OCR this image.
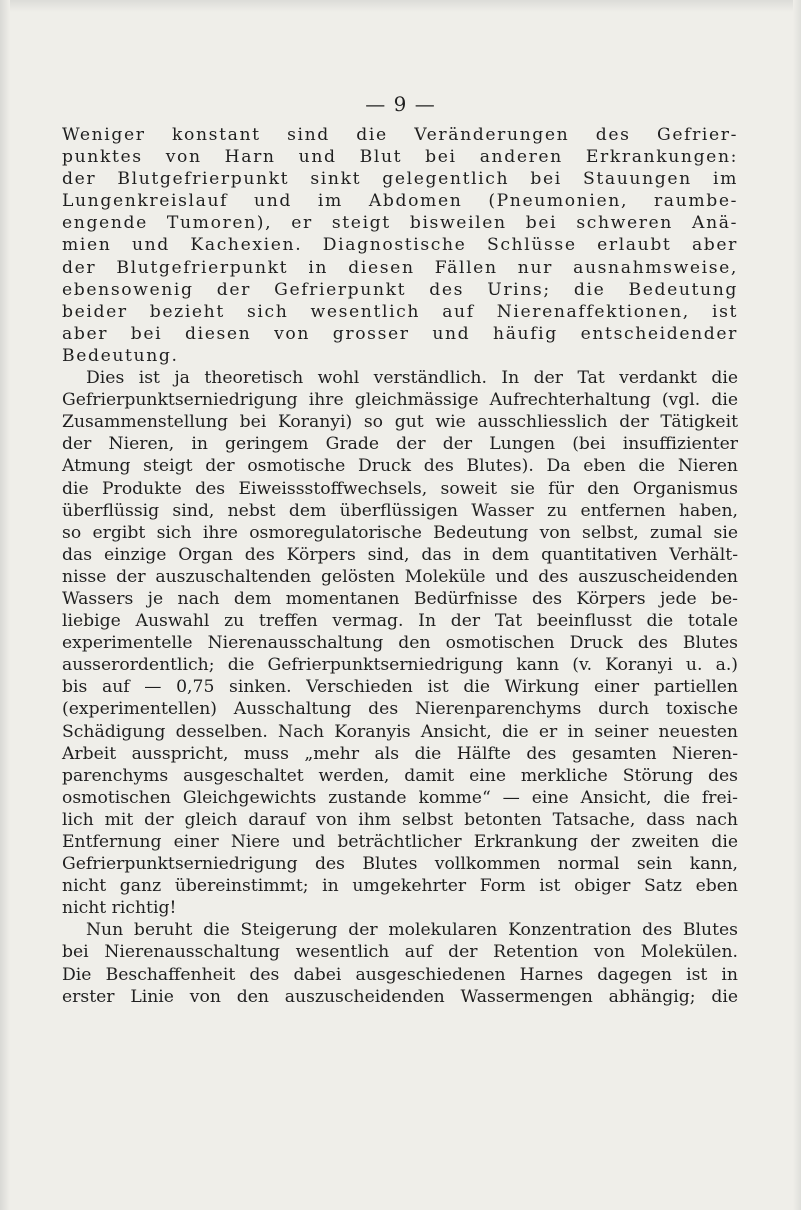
— 9 —
Weniger konstant sind die Veränderungen des Gefrier-
punktes von Harn und Blut bei anderen Erkrankungen:
der Blutgefrierpunkt sinkt gelegentlich bei Stauungen im
Lungenkreislauf und im Abdomen (Pneumonien, raumbe-
engende Tumoren), er steigt bisweilen bei schweren Anä-
mien und Kachexien. Diagnostische Schlüsse erlaubt aber
der Blutgefrierpunkt in diesen Fällen nur ausnahmsweise,
ebensowenig der Gefrierpunkt des Urins; die Bedeutung
beider bezieht sich wesentlich auf Nierenaffektionen, ist
aber bei diesen von grosser und häufig entscheidender
Bedeutung.
Dies ist ja theoretisch wohl verständlich. In der Tat verdankt die
Gefrierpunktserniedrigung ihre gleichmässige Aufrechterhaltung (vgl. die
Zusammenstellung bei Koranyi) so gut wie ausschliesslich der Tätigkeit
der Nieren, in geringem Grade der der Lungen (bei insuffizienter
Atmung steigt der osmotische Druck des Blutes). Da eben die Nieren
die Produkte des Eiweissstoffwechsels, soweit sie für den Organismus
überflüssig sind, nebst dem überflüssigen Wasser zu entfernen haben,
so ergibt sich ihre osmoregulatorische Bedeutung von selbst, zumal sie
das einzige Organ des Körpers sind, das in dem quantitativen Verhält-
nisse der auszuschaltenden gelösten Moleküle und des auszuscheidenden
Wassers je nach dem momentanen Bedürfnisse des Körpers jede be-
liebige Auswahl zu treffen vermag. In der Tat beeinflusst die totale
experimentelle Nierenausschaltung den osmotischen Druck des Blutes
ausserordentlich; die Gefrierpunktserniedrigung kann (v. Koranyi u. a.)
bis auf — 0,75 sinken. Verschieden ist die Wirkung einer partiellen
(experimentellen) Ausschaltung des Nierenparenchyms durch toxische
Schädigung desselben. Nach Koranyis Ansicht, die er in seiner neuesten
Arbeit ausspricht, muss „mehr als die Hälfte des gesamten Nieren-
parenchyms ausgeschaltet werden, damit eine merkliche Störung des
osmotischen Gleichgewichts zustande komme“ — eine Ansicht, die frei-
lich mit der gleich darauf von ihm selbst betonten Tatsache, dass nach
Entfernung einer Niere und beträchtlicher Erkrankung der zweiten die
Gefrierpunktserniedrigung des Blutes vollkommen normal sein kann,
nicht ganz übereinstimmt; in umgekehrter Form ist obiger Satz eben
nicht richtig!
Nun beruht die Steigerung der molekularen Konzentration des Blutes
bei Nierenausschaltung wesentlich auf der Retention von Molekülen.
Die Beschaffenheit des dabei ausgeschiedenen Harnes dagegen ist in
erster Linie von den auszuscheidenden Wassermengen abhängig; die
